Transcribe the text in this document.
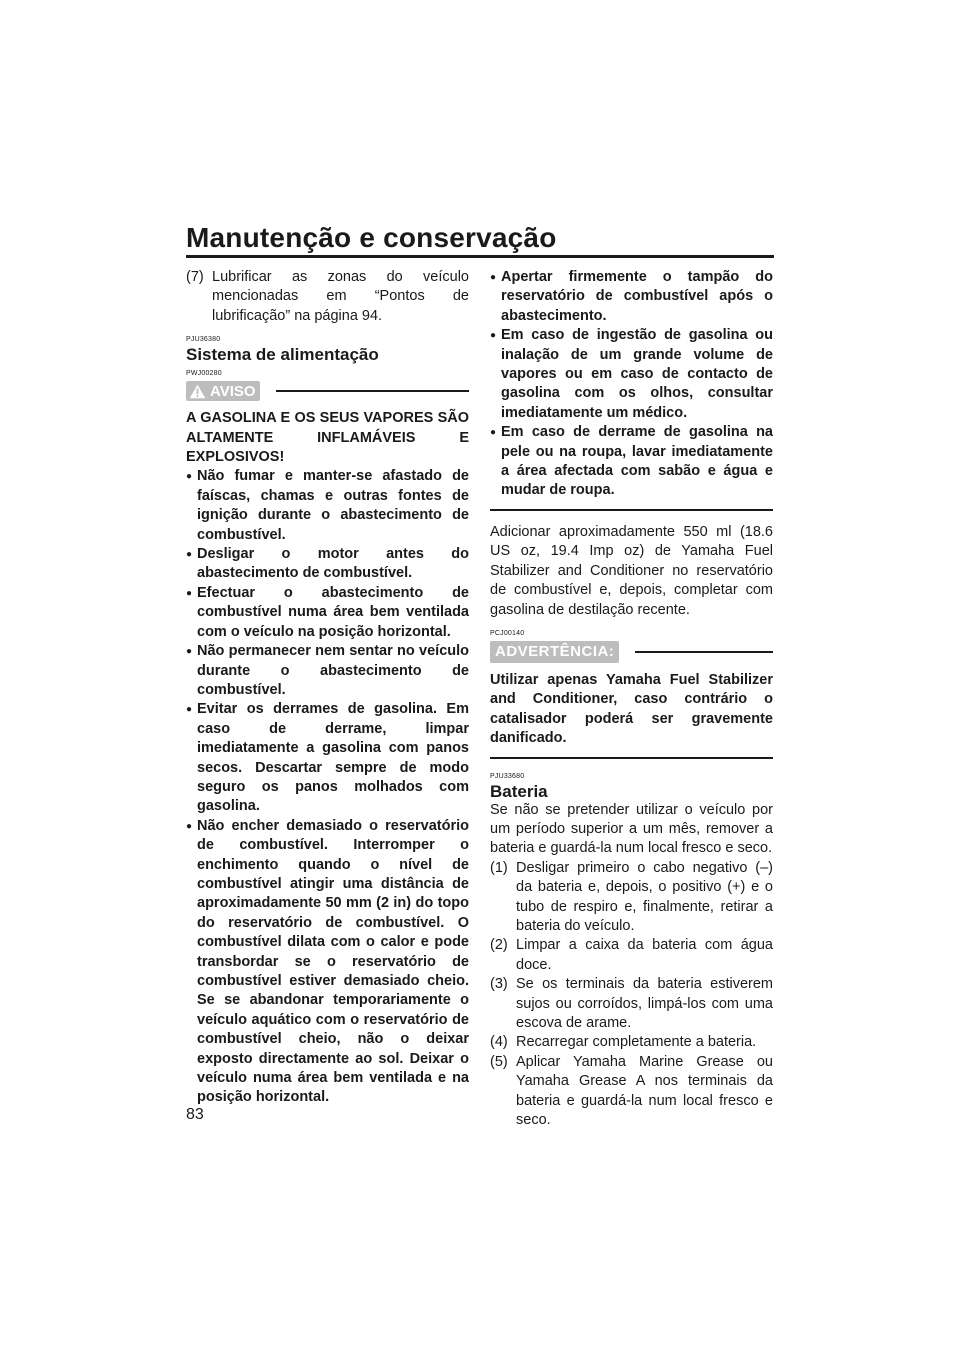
Manutenção e conservação
(7) Lubrificar as zonas do veículo mencionadas em “Pontos de lubrificação” na página 94.
PJU36380
Sistema de alimentação
PWJ00280
AVISO

A GASOLINA E OS SEUS VAPORES SÃO ALTAMENTE INFLAMÁVEIS E EXPLOSIVOS!

● Não fumar e manter-se afastado de faíscas, chamas e outras fontes de ignição durante o abastecimento de combustível.
● Desligar o motor antes do abastecimento de combustível.
● Efectuar o abastecimento de combustível numa área bem ventilada com o veículo na posição horizontal.
● Não permanecer nem sentar no veículo durante o abastecimento de combustível.
● Evitar os derrames de gasolina. Em caso de derrame, limpar imediatamente a gasolina com panos secos. Descartar sempre de modo seguro os panos molhados com gasolina.
● Não encher demasiado o reservatório de combustível. Interromper o enchimento quando o nível de combustível atingir uma distância de aproximadamente 50 mm (2 in) do topo do reservatório de combustível. O combustível dilata com o calor e pode transbordar se o reservatório de combustível estiver demasiado cheio. Se se abandonar temporariamente o veículo aquático com o reservatório de combustível cheio, não o deixar exposto directamente ao sol. Deixar o veículo numa área bem ventilada e na posição horizontal.
● Apertar firmemente o tampão do reservatório de combustível após o abastecimento.
● Em caso de ingestão de gasolina ou inalação de um grande volume de vapores ou em caso de contacto de gasolina com os olhos, consultar imediatamente um médico.
● Em caso de derrame de gasolina na pele ou na roupa, lavar imediatamente a área afectada com sabão e água e mudar de roupa.

Adicionar aproximadamente 550 ml (18.6 US oz, 19.4 Imp oz) de Yamaha Fuel Stabilizer and Conditioner no reservatório de combustível e, depois, completar com gasolina de destilação recente.

PCJ00140
ADVERTÊNCIA:

Utilizar apenas Yamaha Fuel Stabilizer and Conditioner, caso contrário o catalisador poderá ser gravemente danificado.

PJU33680
Bateria

Se não se pretender utilizar o veículo por um período superior a um mês, remover a bateria e guardá-la num local fresco e seco.

(1) Desligar primeiro o cabo negativo (–) da bateria e, depois, o positivo (+) e o tubo de respiro e, finalmente, retirar a bateria do veículo.
(2) Limpar a caixa da bateria com água doce.
(3) Se os terminais da bateria estiverem sujos ou corroídos, limpá-los com uma escova de arame.
(4) Recarregar completamente a bateria.
(5) Aplicar Yamaha Marine Grease ou Yamaha Grease A nos terminais da bateria e guardá-la num local fresco e seco.
83
